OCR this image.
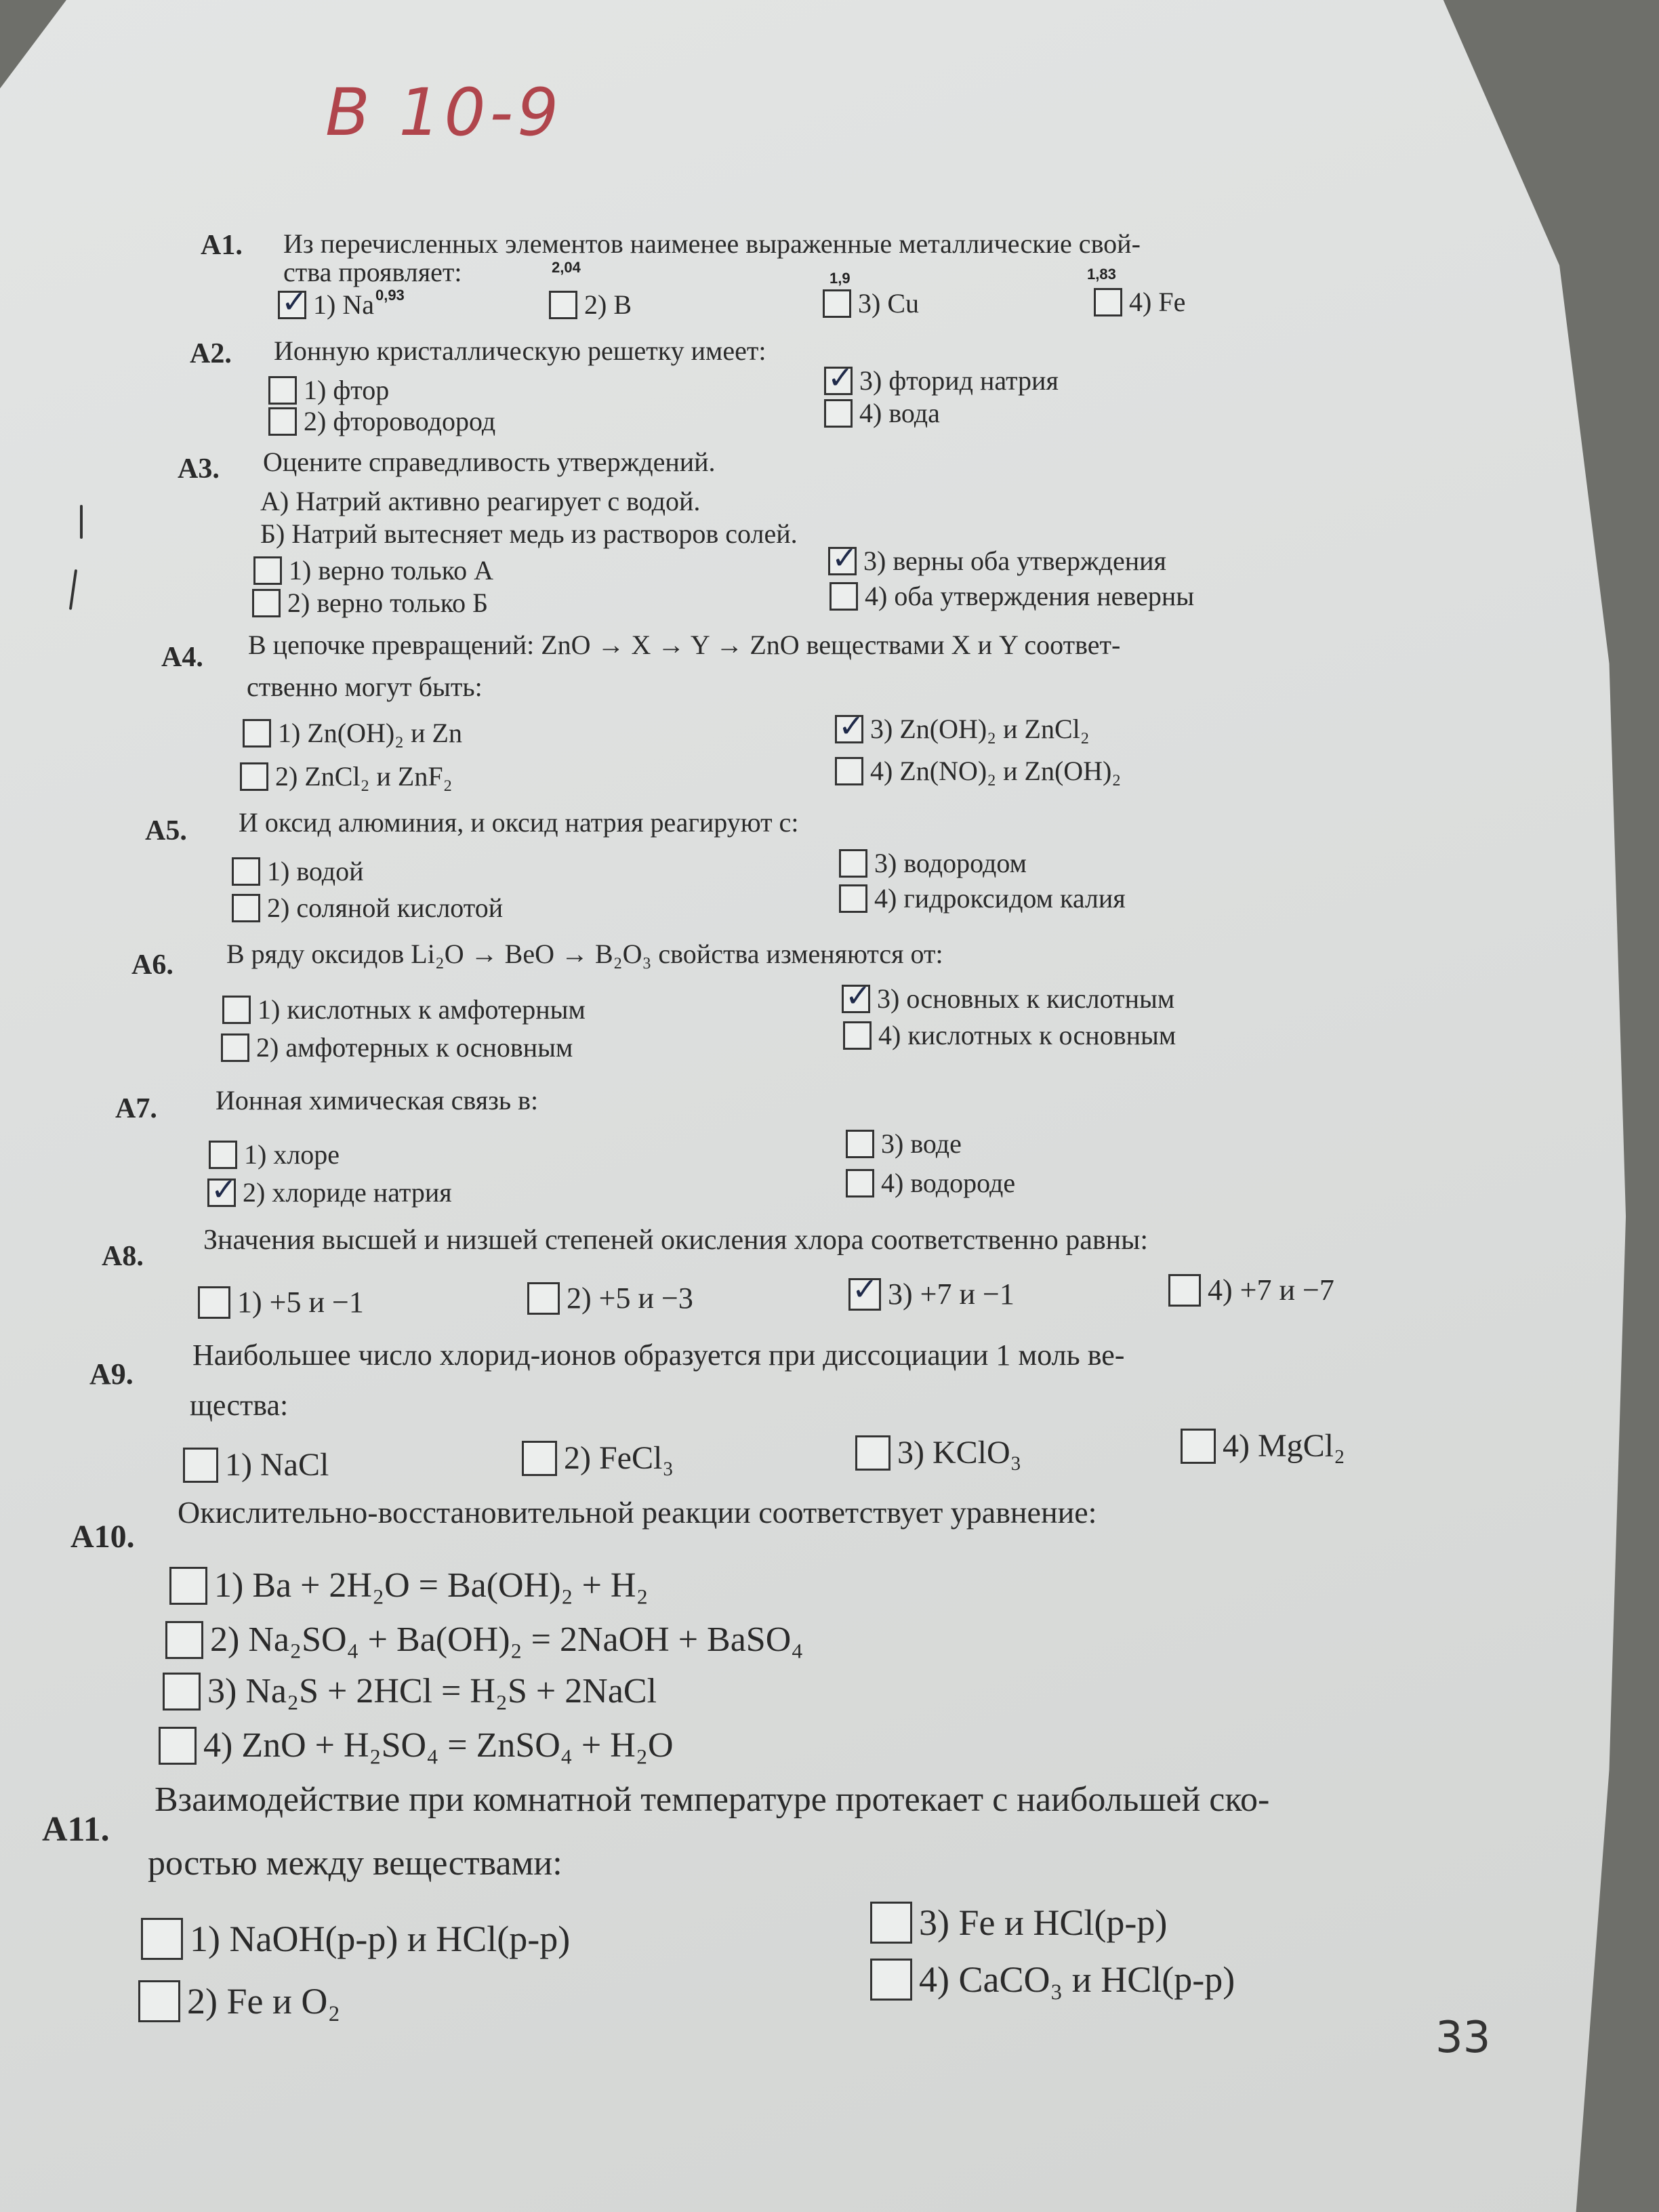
В 10-9
А1. Из перечисленных элементов наименее выраженные металлические свой-
ства проявляет:	2,04
1,9	1,83
✓
1) Na 0,93	2) B	3) Cu	4) Fe
А2. Ионную кристаллическую решетку имеет:
1) фтор
2) фтороводород
✓
3) фторид натрия
4) вода
А3. Оцените справедливость утверждений.
А) Натрий активно реагирует с водой.
Б) Натрий вытесняет медь из растворов солей.
1) верно только А
2) верно только Б
✓
3) верны оба утверждения
4) оба утверждения неверны
А4. В цепочке превращений: ZnO → X → Y → ZnO веществами X и Y соответ-
ственно могут быть:
1) Zn(OH)₂ и Zn
2) ZnCl₂ и ZnF₂
✓
3) Zn(OH)₂ и ZnCl₂
4) Zn(NO)₂ и Zn(OH)₂
А5. И оксид алюминия, и оксид натрия реагируют с:
1) водой
2) соляной кислотой
3) водородом
4) гидроксидом калия
А6. В ряду оксидов Li₂O → BeO → B₂O₃ свойства изменяются от:
1) кислотных к амфотерным
2) амфотерных к основным
✓
3) основных к кислотным
4) кислотных к основным
А7. Ионная химическая связь в:
1) хлоре
✓
2) хлориде натрия
3) воде
4) водороде
А8.
Значения высшей и низшей степеней окисления хлора соответственно равны:
1) +5 и −1	2) +5 и −3
✓	3) +7 и −1	4) +7 и −7
А9.
Наибольшее число хлорид-ионов образуется при диссоциации 1 моль ве-
щества:
1) NaCl	2) FeCl₃	3) KClO₃	4) MgCl₂
А10.
Окислительно-восстановительной реакции соответствует уравнение:
1) Ba + 2H₂O = Ba(OH)₂ + H₂
2) Na₂SO₄ + Ba(OH)₂ = 2NaOH + BaSO₄
3) Na₂S + 2HCl = H₂S + 2NaCl
4) ZnO + H₂SO₄ = ZnSO₄ + H₂O
А11.
Взаимодействие при комнатной температуре протекает с наибольшей ско-
ростью между веществами:
1) NaOH(р-р) и HCl(р-р)
2) Fe и O₂
3) Fe и HCl(р-р)
4) CaCO₃ и HCl(р-р)
33
